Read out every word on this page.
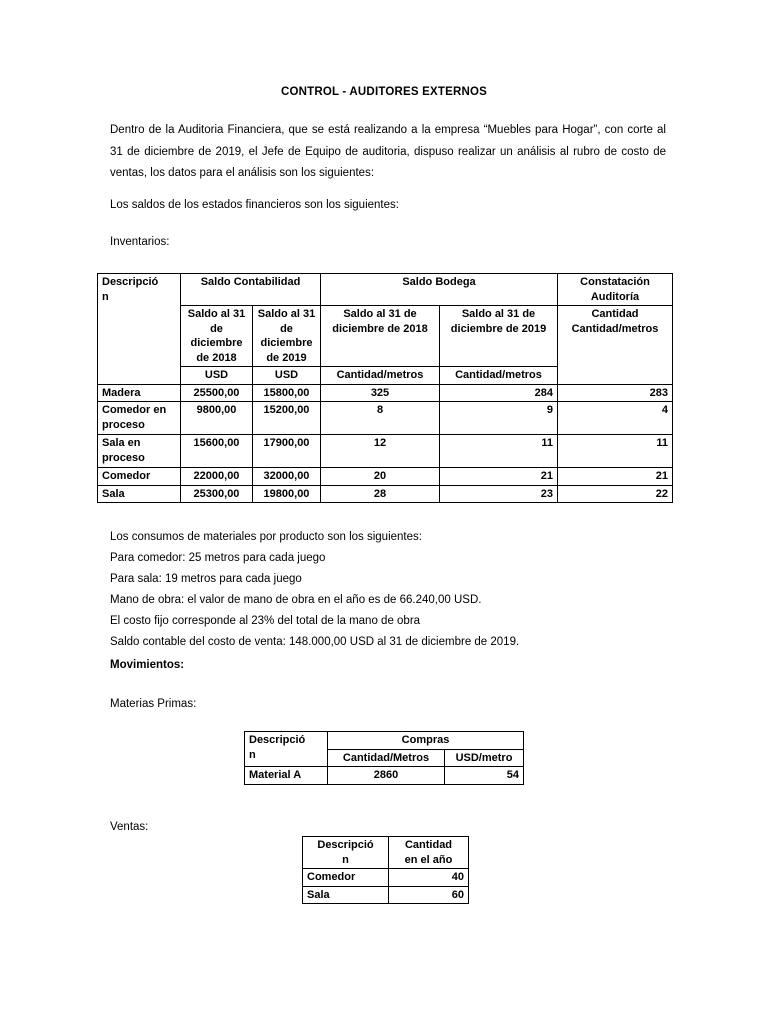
CONTROL - AUDITORES EXTERNOS
Dentro de la Auditoria Financiera, que se está realizando a la empresa “Muebles para Hogar”, con corte al 31 de diciembre de 2019, el Jefe de Equipo de auditoria, dispuso realizar un análisis al rubro de costo de ventas, los datos para el análisis son los siguientes:
Los saldos de los estados financieros son los siguientes:
Inventarios:
Descripció
n	Saldo Contabilidad		Saldo Bodega		Constatación Auditoría
	Saldo al 31 de diciembre de 2018	Saldo al 31 de diciembre de 2019	Saldo al 31 de diciembre de 2018	Saldo al 31 de diciembre de 2019	Cantidad Cantidad/metros
	USD	USD	Cantidad/metros	Cantidad/metros	
Madera	25500,00	15800,00	325	284	283
Comedor en proceso	9800,00	15200,00	8	9	4
Sala en proceso	15600,00	17900,00	12	11	11
Comedor	22000,00	32000,00	20	21	21
Sala	25300,00	19800,00	28	23	22
Los consumos de materiales por producto son los siguientes:
Para comedor: 25 metros para cada juego
Para sala: 19 metros para cada juego
Mano de obra: el valor de mano de obra en el año es de 66.240,00 USD.
El costo fijo corresponde al 23% del total de la mano de obra
Saldo contable del costo de venta: 148.000,00 USD al 31 de diciembre de 2019.
Movimientos:
Materias Primas:
Descripció
n	Compras	
	Cantidad/Metros	USD/metro
Material A	2860	54
Ventas:
Descripció
n	Cantidad
en el año
Comedor	40
Sala	60
